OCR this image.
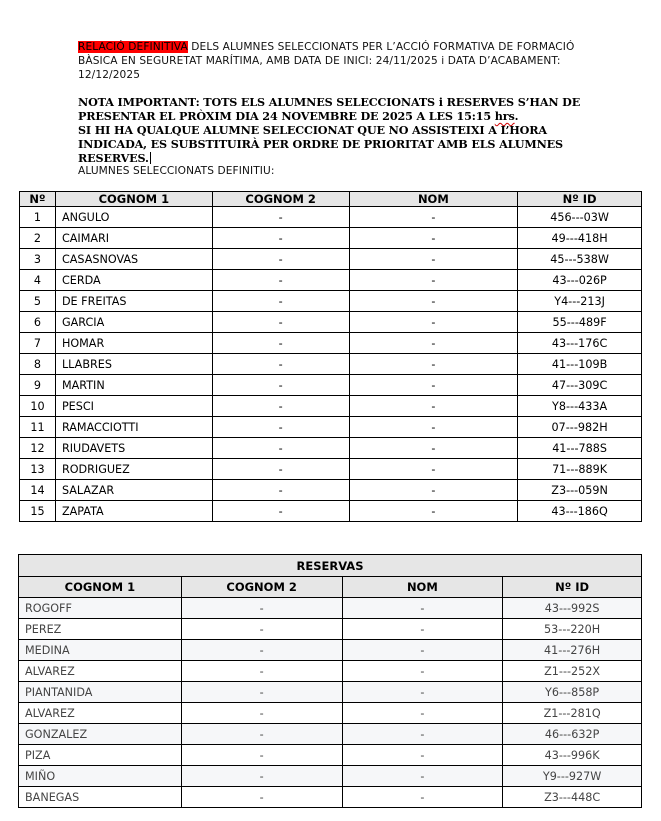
RELACIÓ DEFINITIVA DELS ALUMNES SELECCIONATS PER L’ACCIÓ FORMATIVA DE FORMACIÓ BÀSICA EN SEGURETAT MARÍTIMA, AMB DATA DE INICI: 24/11/2025 i DATA D’ACABAMENT: 12/12/2025
NOTA IMPORTANT: TOTS ELS ALUMNES SELECCIONATS i RESERVES S’HAN DE PRESENTAR EL PRÒXIM DIA 24 NOVEMBRE DE 2025 A LES 15:15 hrs.
SI HI HA QUALQUE ALUMNE SELECCIONAT QUE NO ASSISTEIXI A L’HORA INDICADA, ES SUBSTITUIRÀ PER ORDRE DE PRIORITAT AMB ELS ALUMNES RESERVES.
ALUMNES SELECCIONATS DEFINITIU:
Nº	COGNOM 1	COGNOM 2	NOM	Nº ID
1	ANGULO	-	-	456---03W
2	CAIMARI	-	-	49---418H
3	CASASNOVAS	-	-	45---538W
4	CERDA	-	-	43---026P
5	DE FREITAS	-	-	Y4---213J
6	GARCIA	-	-	55---489F
7	HOMAR	-	-	43---176C
8	LLABRES	-	-	41---109B
9	MARTIN	-	-	47---309C
10	PESCI	-	-	Y8---433A
11	RAMACCIOTTI	-	-	07---982H
12	RIUDAVETS	-	-	41---788S
13	RODRIGUEZ	-	-	71---889K
14	SALAZAR	-	-	Z3---059N
15	ZAPATA	-	-	43---186Q
RESERVAS			
COGNOM 1	COGNOM 2	NOM	Nº ID
ROGOFF	-	-	43---992S
PEREZ	-	-	53---220H
MEDINA	-	-	41---276H
ALVAREZ	-	-	Z1---252X
PIANTANIDA	-	-	Y6---858P
ALVAREZ	-	-	Z1---281Q
GONZALEZ	-	-	46---632P
PIZA	-	-	43---996K
MIÑO	-	-	Y9---927W
BANEGAS	-	-	Z3---448C
